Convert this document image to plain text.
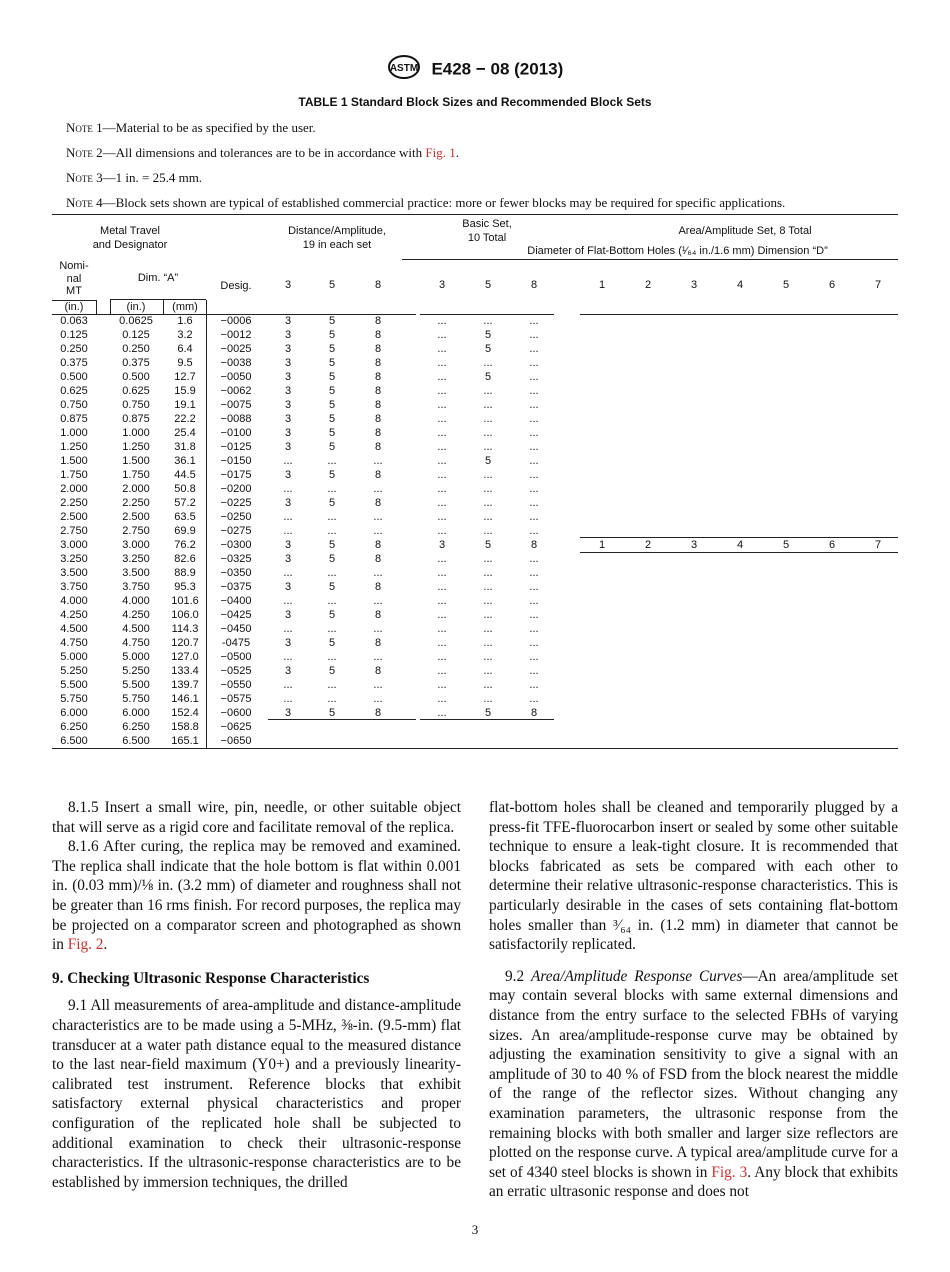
ASTM E428 − 08 (2013)
TABLE 1 Standard Block Sizes and Recommended Block Sets
Note 1—Material to be as specified by the user.
Note 2—All dimensions and tolerances are to be in accordance with Fig. 1.
Note 3—1 in. = 25.4 mm.
Note 4—Block sets shown are typical of established commercial practice: more or fewer blocks may be required for specific applications.
Metal Travel
and Designator
Distance/Amplitude,
19 in each set
Basic Set,
10 Total
Area/Amplitude Set, 8 Total
Diameter of Flat-Bottom Holes (¹⁄₆₄ in./1.6 mm) Dimension “D”
Nomi-
nal
MT
Dim. “A”
Desig.
(in.)	(in.)	(mm)
3	5	8	3	5	8	1	2	3	4	5	6	7
0.063	0.0625	1.6	−0006	3	5	8	...	...	...
0.125	0.125	3.2	−0012	3	5	8	...	5	...
0.250	0.250	6.4	−0025	3	5	8	...	5	...
0.375	0.375	9.5	−0038	3	5	8	...	...	...
0.500	0.500	12.7	−0050	3	5	8	...	5	...
0.625	0.625	15.9	−0062	3	5	8	...	...	...
0.750	0.750	19.1	−0075	3	5	8	...	...	...
0.875	0.875	22.2	−0088	3	5	8	...	...	...
1.000	1.000	25.4	−0100	3	5	8	...	...	...
1.250	1.250	31.8	−0125	3	5	8	...	...	...
1.500	1.500	36.1	−0150	...	...	...	...	5	...
1.750	1.750	44.5	−0175	3	5	8	...	...	...
2.000	2.000	50.8	−0200	...	...	...	...	...	...
2.250	2.250	57.2	−0225	3	5	8	...	...	...
2.500	2.500	63.5	−0250	...	...	...	...	...	...
2.750	2.750	69.9	−0275	...	...	...	...	...	...
3.000	3.000	76.2	−0300	3	5	8	3	5	8	1	2	3	4	5	6	7
3.250	3.250	82.6	−0325	3	5	8	...	...	...
3.500	3.500	88.9	−0350	...	...	...	...	...	...
3.750	3.750	95.3	−0375	3	5	8	...	...	...
4.000	4.000	101.6	−0400	...	...	...	...	...	...
4.250	4.250	106.0	−0425	3	5	8	...	...	...
4.500	4.500	114.3	−0450	...	...	...	...	...	...
4.750	4.750	120.7	-0475	3	5	8	...	...	...
5.000	5.000	127.0	−0500	...	...	...	...	...	...
5.250	5.250	133.4	−0525	3	5	8	...	...	...
5.500	5.500	139.7	−0550	...	...	...	...	...	...
5.750	5.750	146.1	−0575	...	...	...	...	...	...
6.000	6.000	152.4	−0600	3	5	8	...	5	8
6.250	6.250	158.8	−0625
6.500	6.500	165.1	−0650

8.1.5 Insert a small wire, pin, needle, or other suitable object that will serve as a rigid core and facilitate removal of the replica.

8.1.6 After curing, the replica may be removed and examined. The replica shall indicate that the hole bottom is flat within 0.001 in. (0.03 mm)/⅛ in. (3.2 mm) of diameter and roughness shall not be greater than 16 rms finish. For record purposes, the replica may be projected on a comparator screen and photographed as shown in Fig. 2.

9. Checking Ultrasonic Response Characteristics

9.1 All measurements of area-amplitude and distance-amplitude characteristics are to be made using a 5-MHz, ⅜-in. (9.5-mm) flat transducer at a water path distance equal to the measured distance to the last near-field maximum (Y0+) and a previously linearity-calibrated test instrument. Reference blocks that exhibit satisfactory external physical characteristics and proper configuration of the replicated hole shall be subjected to additional examination to check their ultrasonic-response characteristics. If the ultrasonic-response characteristics are to be established by immersion techniques, the drilled

flat-bottom holes shall be cleaned and temporarily plugged by a press-fit TFE-fluorocarbon insert or sealed by some other suitable technique to ensure a leak-tight closure. It is recommended that blocks fabricated as sets be compared with each other to determine their relative ultrasonic-response characteristics. This is particularly desirable in the cases of sets containing flat-bottom holes smaller than ³⁄₆₄ in. (1.2 mm) in diameter that cannot be satisfactorily replicated.

9.2 Area/Amplitude Response Curves—An area/amplitude set may contain several blocks with same external dimensions and distance from the entry surface to the selected FBHs of varying sizes. An area/amplitude-response curve may be obtained by adjusting the examination sensitivity to give a signal with an amplitude of 30 to 40 % of FSD from the block nearest the middle of the range of the reflector sizes. Without changing any examination parameters, the ultrasonic response from the remaining blocks with both smaller and larger size reflectors are plotted on the response curve. A typical area/amplitude curve for a set of 4340 steel blocks is shown in Fig. 3. Any block that exhibits an erratic ultrasonic response and does not

3
